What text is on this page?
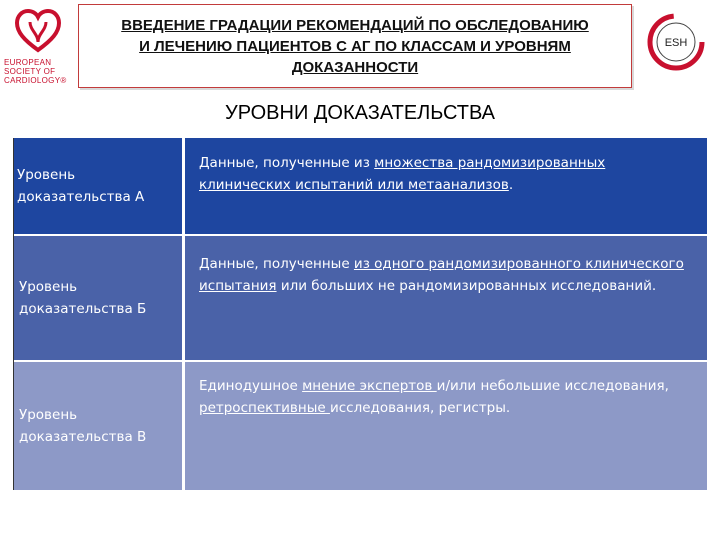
EUROPEAN
SOCIETY OF
CARDIOLOGY®
ВВЕДЕНИЕ ГРАДАЦИИ РЕКОМЕНДАЦИЙ ПО ОБСЛЕДОВАНИЮ
И ЛЕЧЕНИЮ ПАЦИЕНТОВ С АГ ПО КЛАССАМ И УРОВНЯМ
ДОКАЗАННОСТИ
ESH
УРОВНИ ДОКАЗАТЕЛЬСТВА
Уровень доказательства А
Данные, полученные из множества рандомизированных клинических испытаний или метаанализов.
Уровень доказательства Б
Данные, полученные из одного рандомизированного клинического испытания или больших не рандомизированных исследований.
Уровень доказательства В
Единодушное мнение экспертов и/или небольшие исследования, ретроспективные исследования, регистры.
